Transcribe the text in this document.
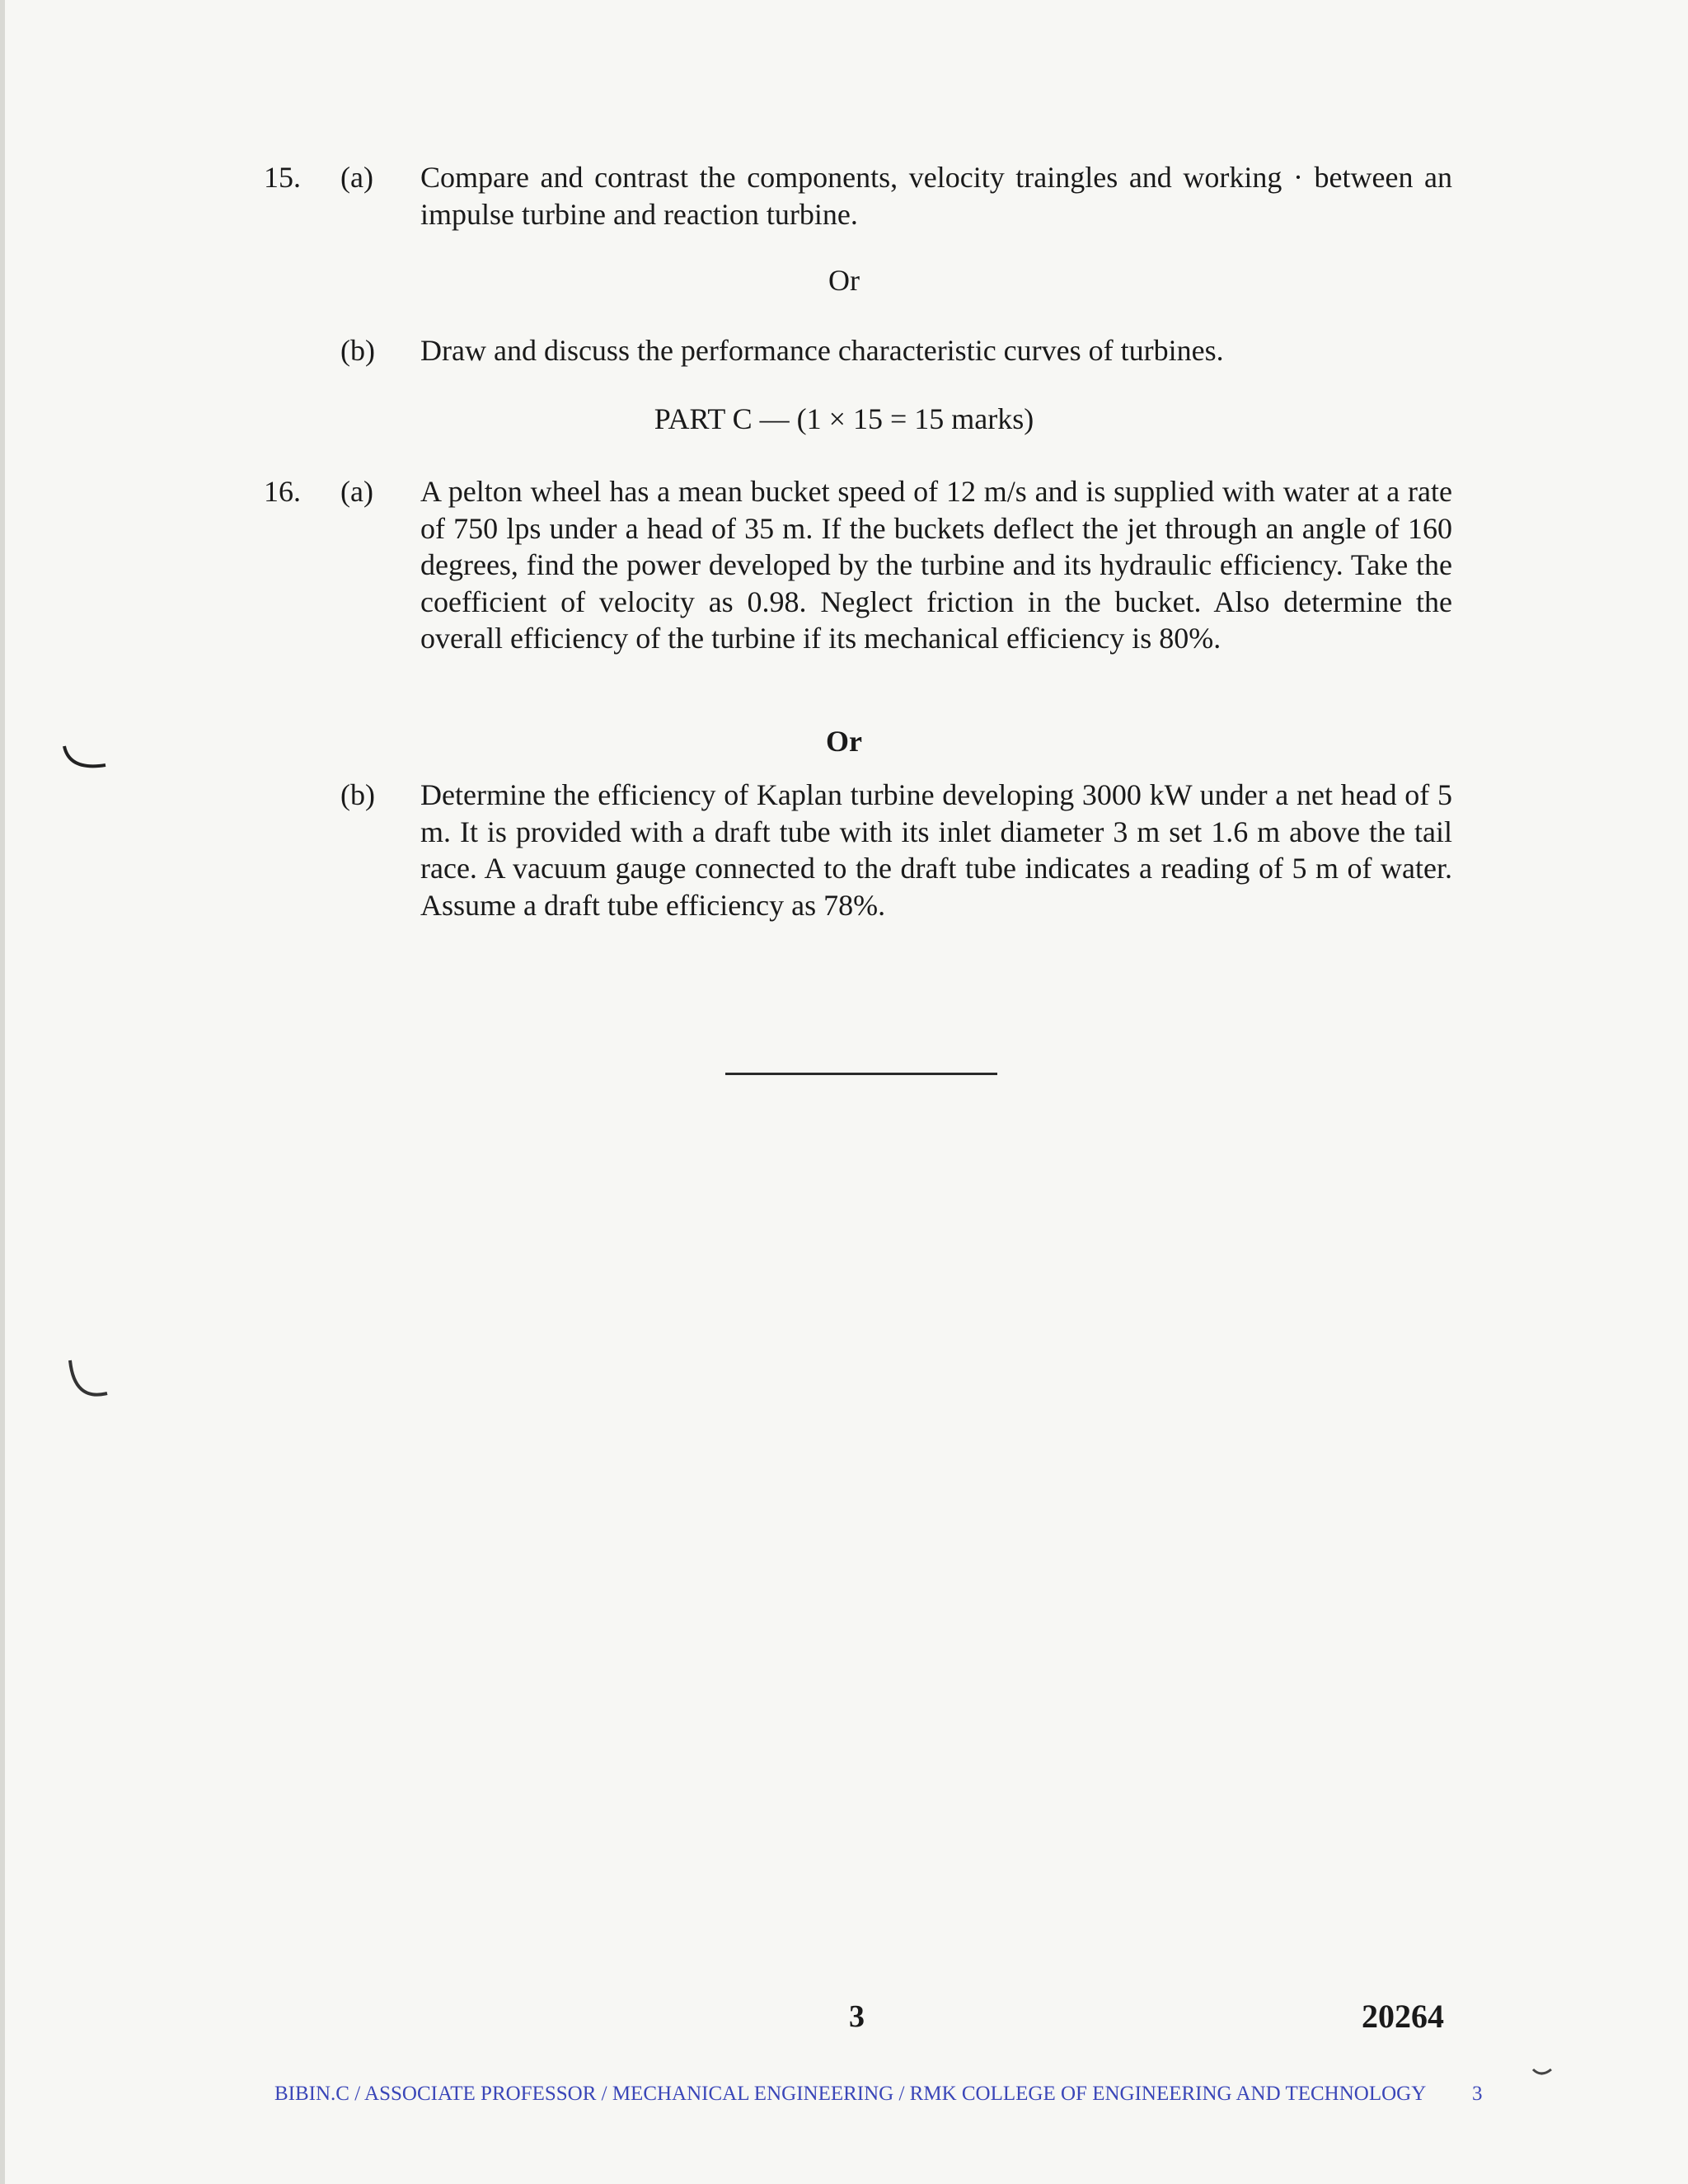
15. (a) Compare and contrast the components, velocity traingles and working · between an impulse turbine and reaction turbine.
Or
(b) Draw and discuss the performance characteristic curves of turbines.
PART C — (1 × 15 = 15 marks)
16. (a) A pelton wheel has a mean bucket speed of 12 m/s and is supplied with water at a rate of 750 lps under a head of 35 m. If the buckets deflect the jet through an angle of 160 degrees, find the power developed by the turbine and its hydraulic efficiency. Take the coefficient of velocity as 0.98. Neglect friction in the bucket. Also determine the overall efficiency of the turbine if its mechanical efficiency is 80%.
Or
(b) Determine the efficiency of Kaplan turbine developing 3000 kW under a net head of 5 m. It is provided with a draft tube with its inlet diameter 3 m set 1.6 m above the tail race. A vacuum gauge connected to the draft tube indicates a reading of 5 m of water. Assume a draft tube efficiency as 78%.
3	20264
BIBIN.C / ASSOCIATE PROFESSOR / MECHANICAL ENGINEERING / RMK COLLEGE OF ENGINEERING AND TECHNOLOGY 3
